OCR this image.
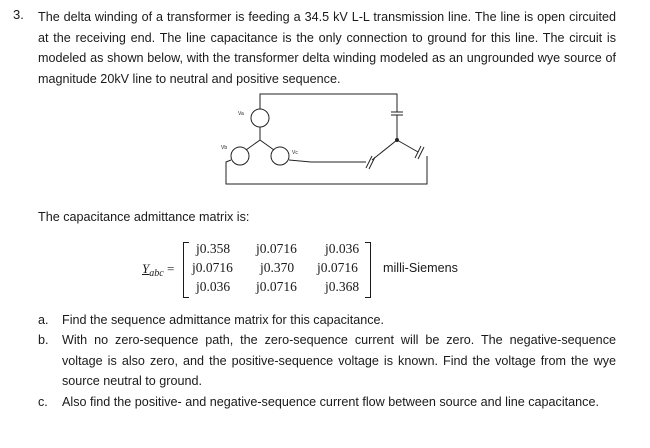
3. The delta winding of a transformer is feeding a 34.5 kV L-L transmission line. The line is open circuited at the receiving end. The line capacitance is the only connection to ground for this line. The circuit is modeled as shown below, with the transformer delta winding modeled as an ungrounded wye source of magnitude 20kV line to neutral and positive sequence.

Va
Vb
Vc
The capacitance admittance matrix is:
$Y_{abc}$ =
j0.358 j0.0716 j0.036
j0.0716 j0.370 j0.0716
j0.036 j0.0716 j0.368
milli-Siemens
a. Find the sequence admittance matrix for this capacitance.

b. With no zero-sequence path, the zero-sequence current will be zero. The negative-sequence voltage is also zero, and the positive-sequence voltage is known. Find the voltage from the wye source neutral to ground.

c. Also find the positive- and negative-sequence current flow between source and line capacitance.
